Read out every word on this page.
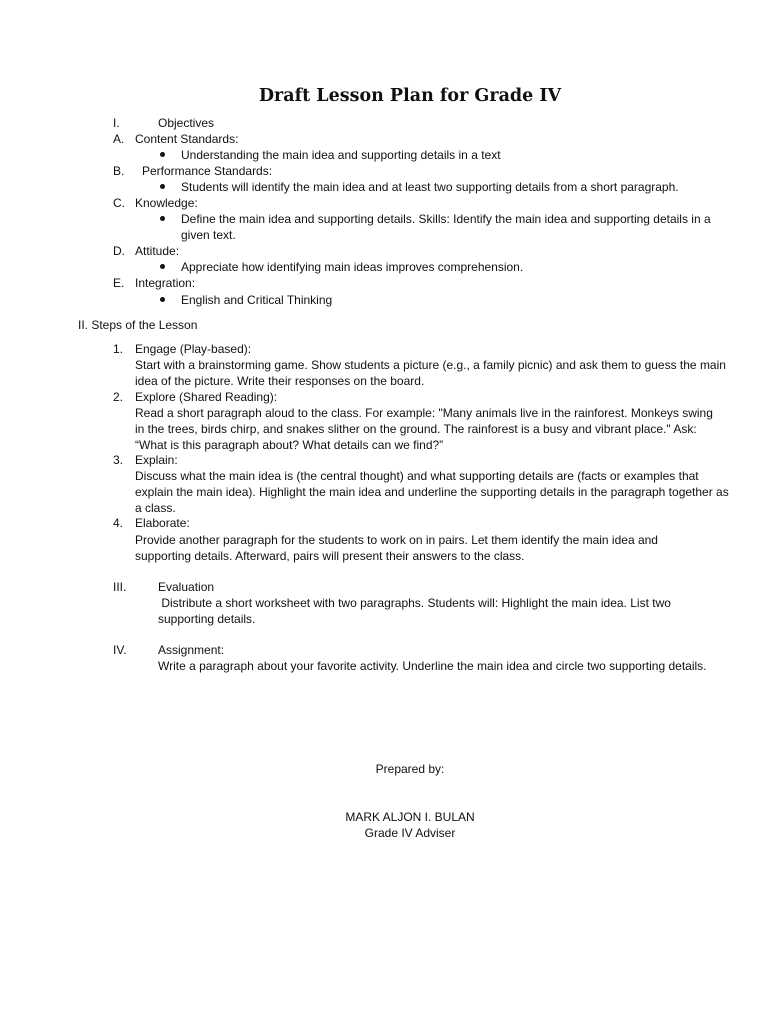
Draft Lesson Plan for Grade IV
I.	Objectives
A. Content Standards:
Understanding the main idea and supporting details in a text
B. Performance Standards:
Students will identify the main idea and at least two supporting details from a short paragraph.
C. Knowledge:
Define the main idea and supporting details. Skills: Identify the main idea and supporting details in a given text.
D. Attitude:
Appreciate how identifying main ideas improves comprehension.
E. Integration:
English and Critical Thinking
II. Steps of the Lesson
1. Engage (Play-based):
Start with a brainstorming game. Show students a picture (e.g., a family picnic) and ask them to guess the main idea of the picture. Write their responses on the board.
2. Explore (Shared Reading):
Read a short paragraph aloud to the class. For example: "Many animals live in the rainforest. Monkeys swing in the trees, birds chirp, and snakes slither on the ground. The rainforest is a busy and vibrant place." Ask: “What is this paragraph about? What details can we find?”
3. Explain:
Discuss what the main idea is (the central thought) and what supporting details are (facts or examples that explain the main idea). Highlight the main idea and underline the supporting details in the paragraph together as a class.
4. Elaborate:
Provide another paragraph for the students to work on in pairs. Let them identify the main idea and supporting details. Afterward, pairs will present their answers to the class.
III.	Evaluation
Distribute a short worksheet with two paragraphs. Students will: Highlight the main idea. List two supporting details.
IV.	Assignment:
Write a paragraph about your favorite activity. Underline the main idea and circle two supporting details.
Prepared by:
MARK ALJON I. BULAN
Grade IV Adviser
